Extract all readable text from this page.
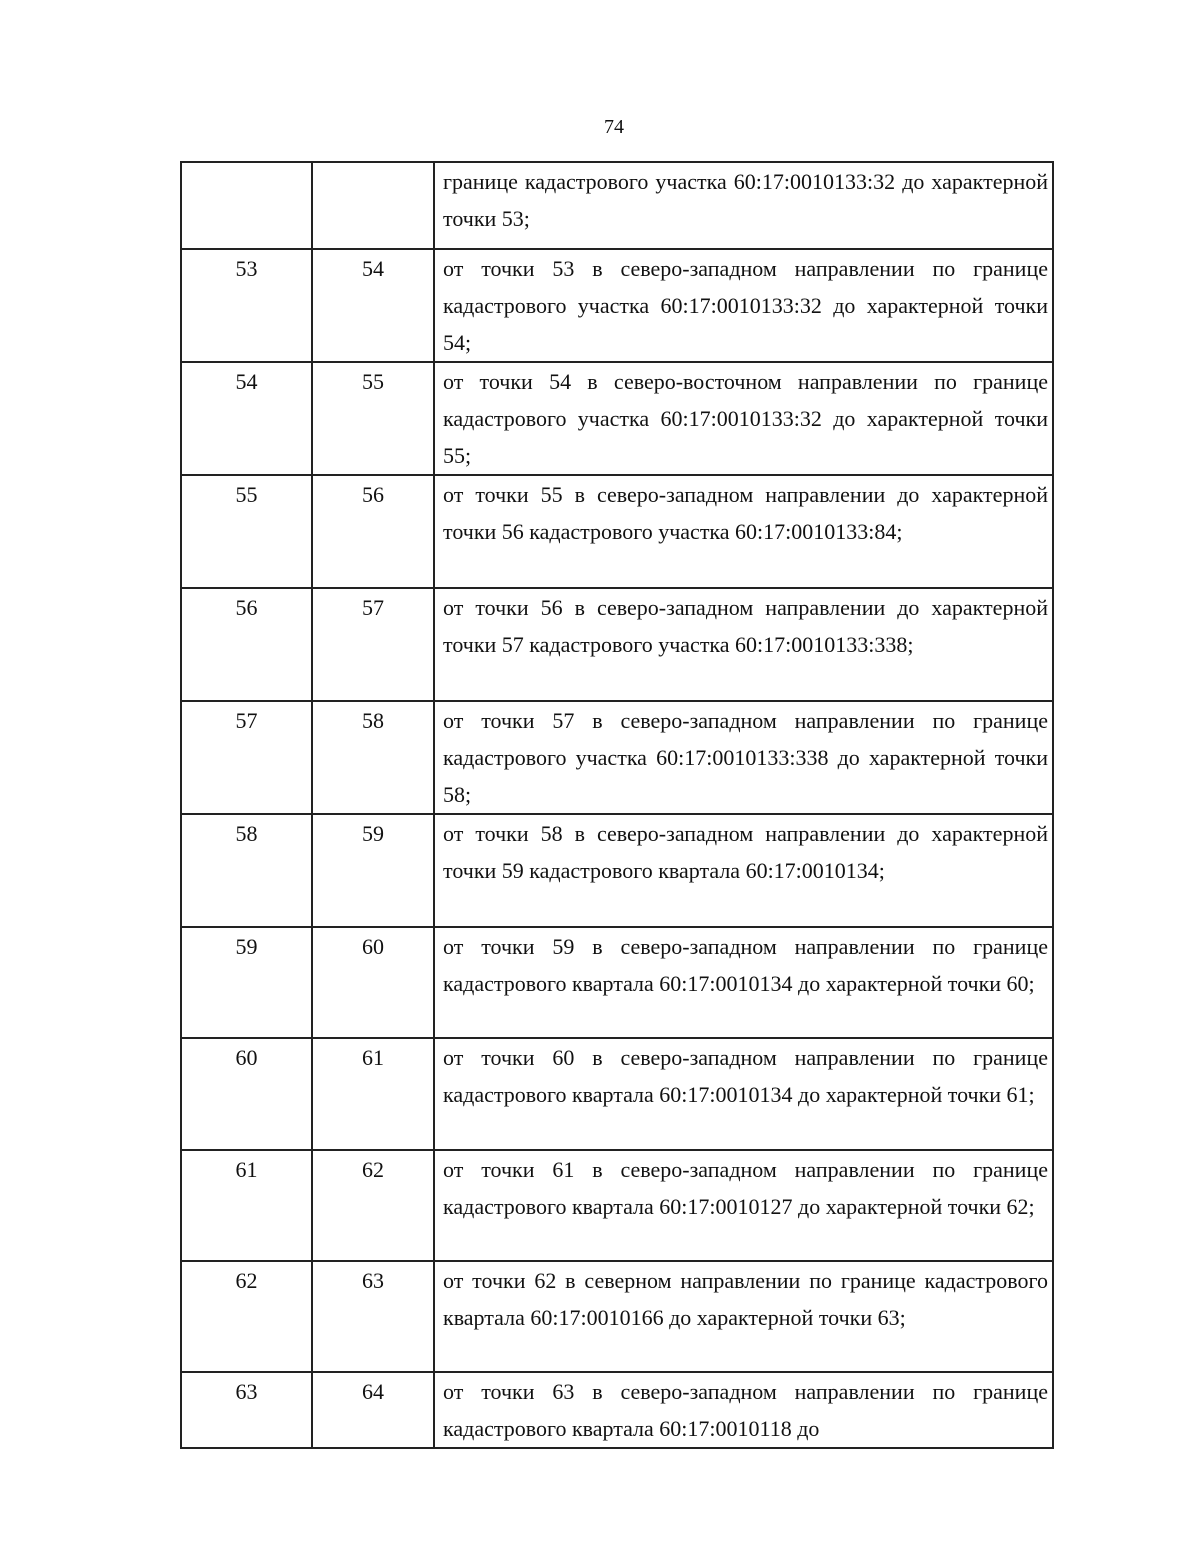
74

		границе кадастрового участка 60:17:0010133:32 до характерной точки 53;

53	54	от точки 53 в северо-западном направлении по границе кадастрового участка 60:17:0010133:32 до характерной точки 54;

54	55	от точки 54 в северо-восточном направлении по границе кадастрового участка 60:17:0010133:32 до характерной точки 55;

55	56	от точки 55 в северо-западном направлении до характерной точки 56 кадастрового участка 60:17:0010133:84;

56	57	от точки 56 в северо-западном направлении до характерной точки 57 кадастрового участка 60:17:0010133:338;

57	58	от точки 57 в северо-западном направлении по границе кадастрового участка 60:17:0010133:338 до характерной точки 58;

58	59	от точки 58 в северо-западном направлении до характерной точки 59 кадастрового квартала 60:17:0010134;

59	60	от точки 59 в северо-западном направлении по границе кадастрового квартала 60:17:0010134 до характерной точки 60;

60	61	от точки 60 в северо-западном направлении по границе кадастрового квартала 60:17:0010134 до характерной точки 61;

61	62	от точки 61 в северо-западном направлении по границе кадастрового квартала 60:17:0010127 до характерной точки 62;

62	63	от точки 62 в северном направлении по границе кадастрового квартала 60:17:0010166 до характерной точки 63;

63	64	от точки 63 в северо-западном направлении по границе кадастрового квартала 60:17:0010118 до
